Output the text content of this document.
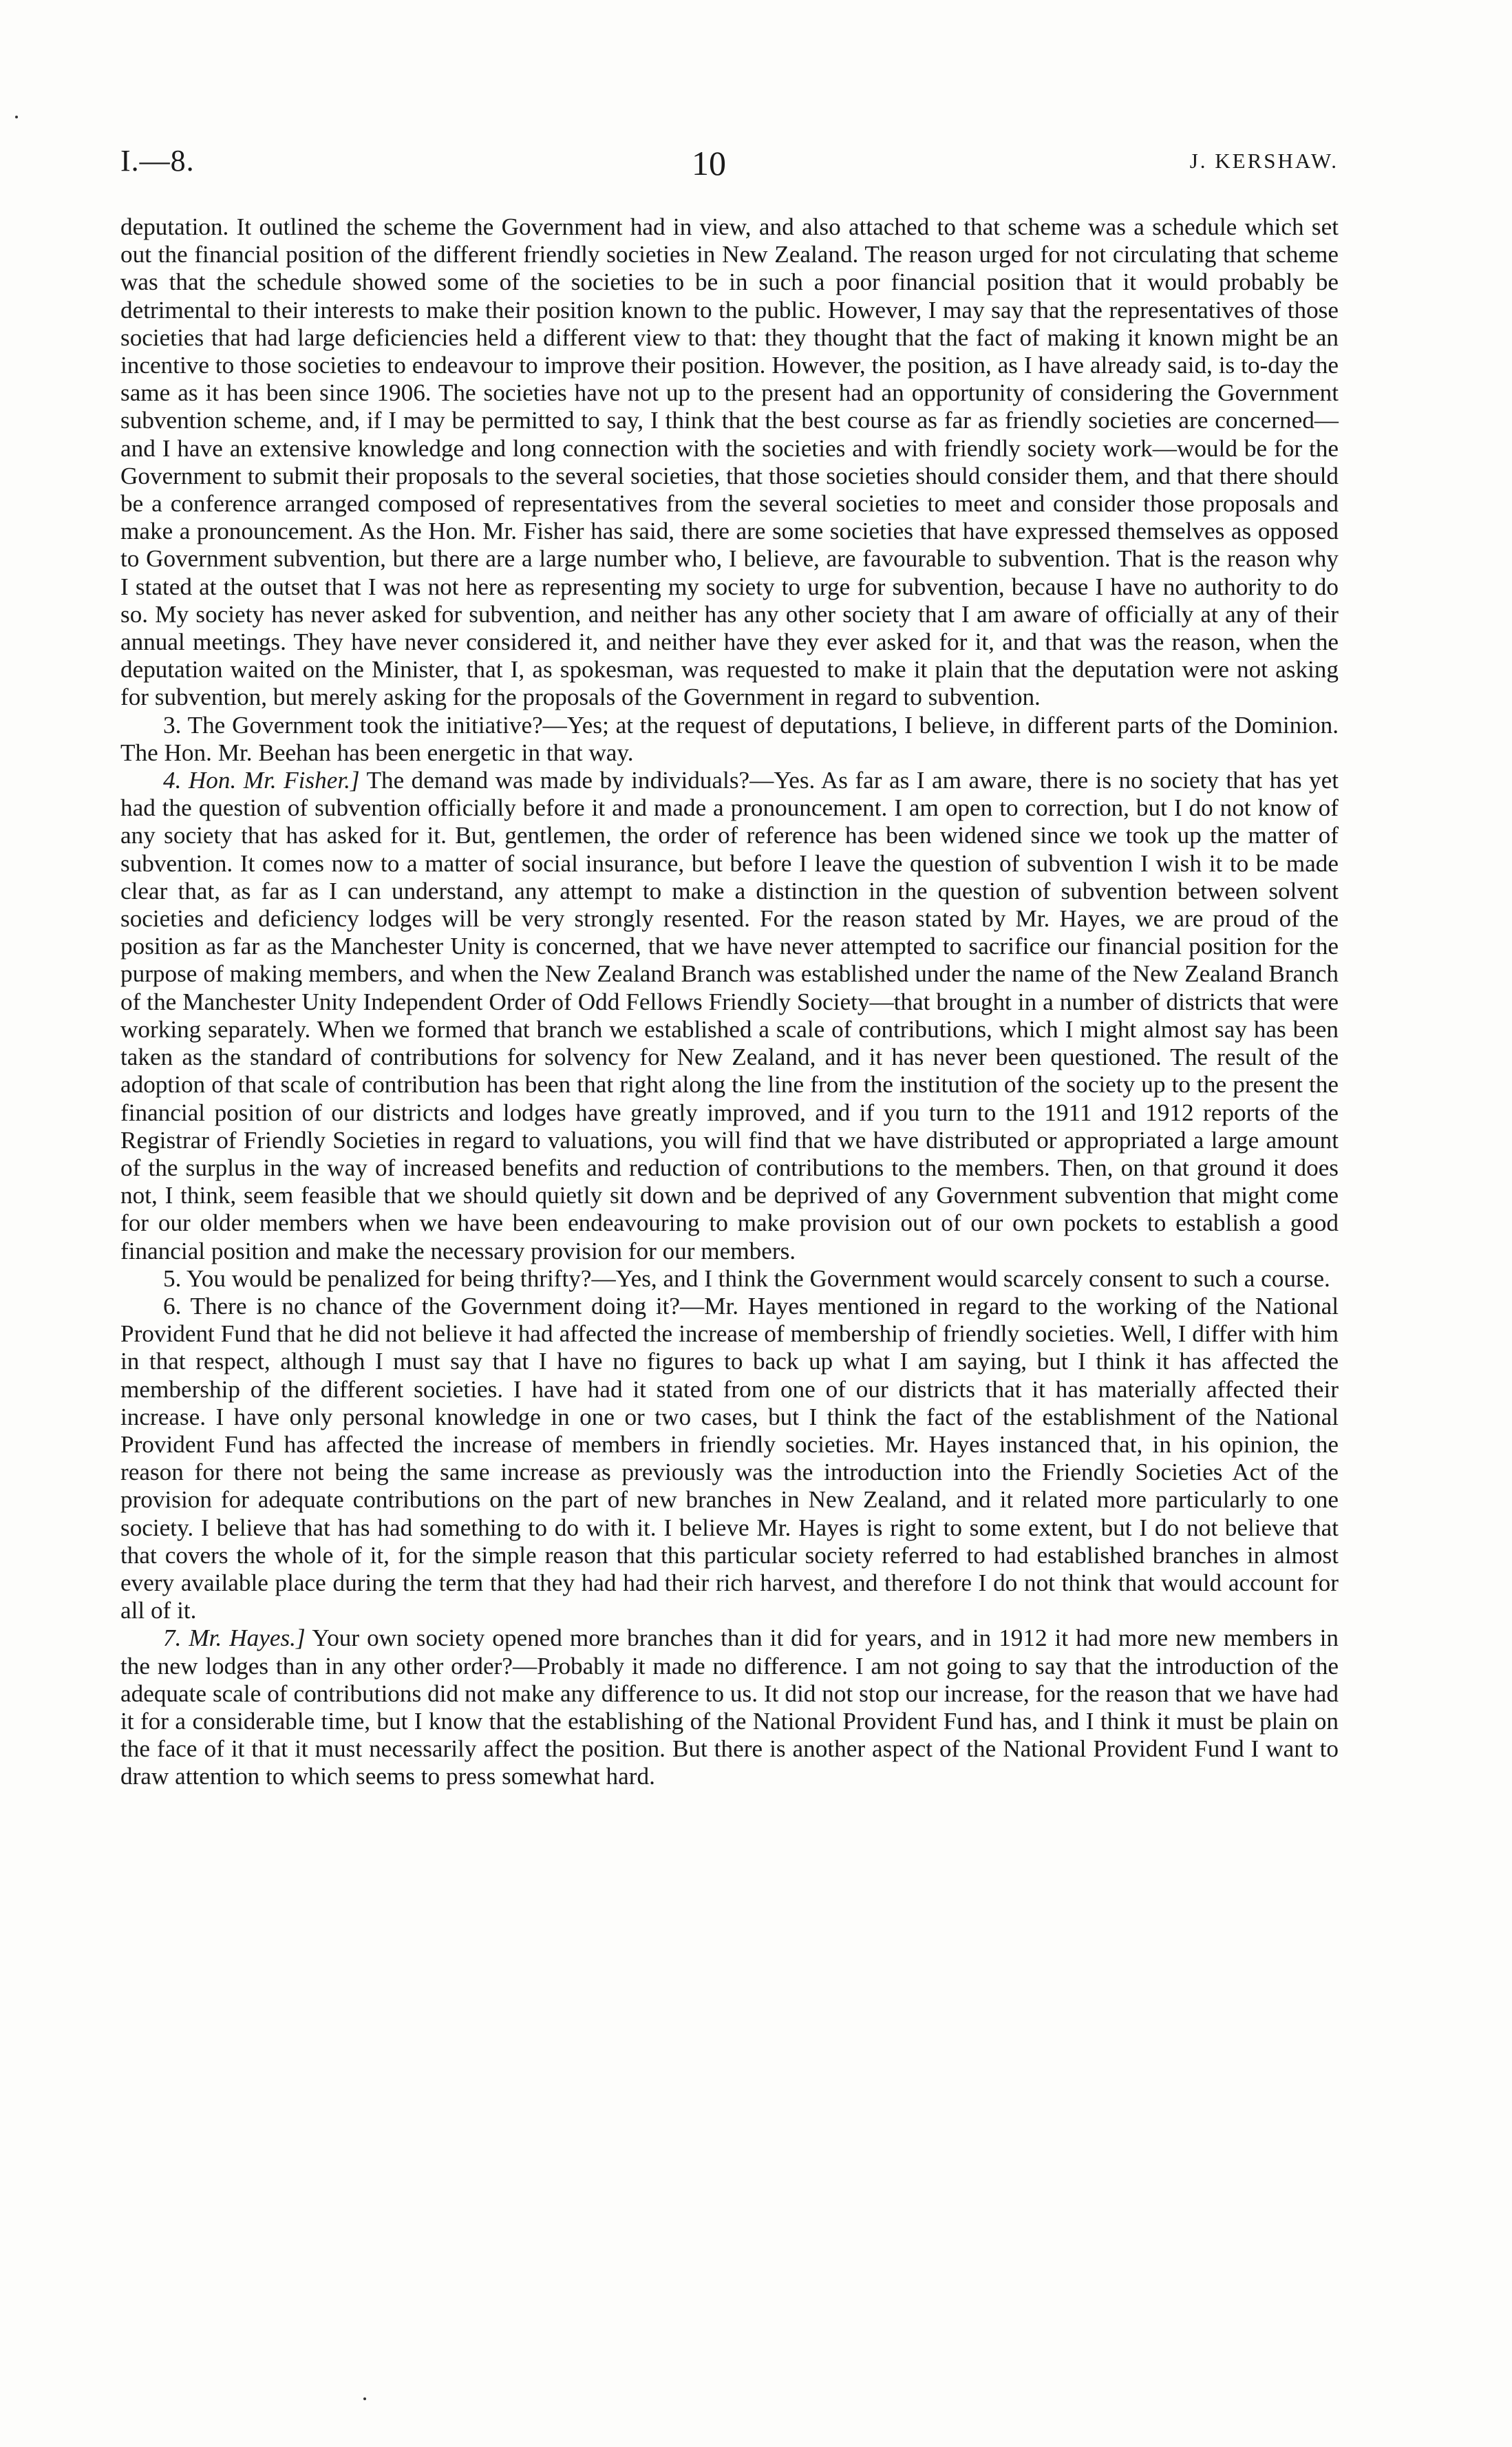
I.—8.	10	J. KERSHAW.

deputation. It outlined the scheme the Government had in view, and also attached to that scheme was a schedule which set out the financial position of the different friendly societies in New Zealand. The reason urged for not circulating that scheme was that the schedule showed some of the societies to be in such a poor financial position that it would probably be detrimental to their interests to make their position known to the public. However, I may say that the representatives of those societies that had large deficiencies held a different view to that: they thought that the fact of making it known might be an incentive to those societies to endeavour to improve their position. However, the position, as I have already said, is to-day the same as it has been since 1906. The societies have not up to the present had an opportunity of considering the Government subvention scheme, and, if I may be permitted to say, I think that the best course as far as friendly societies are concerned—and I have an extensive knowledge and long connection with the societies and with friendly society work—would be for the Government to submit their proposals to the several societies, that those societies should consider them, and that there should be a conference arranged composed of representatives from the several societies to meet and consider those proposals and make a pronouncement. As the Hon. Mr. Fisher has said, there are some societies that have expressed themselves as opposed to Government subvention, but there are a large number who, I believe, are favourable to subvention. That is the reason why I stated at the outset that I was not here as representing my society to urge for subvention, because I have no authority to do so. My society has never asked for subvention, and neither has any other society that I am aware of officially at any of their annual meetings. They have never considered it, and neither have they ever asked for it, and that was the reason, when the deputation waited on the Minister, that I, as spokesman, was requested to make it plain that the deputation were not asking for subvention, but merely asking for the proposals of the Government in regard to subvention.

3. The Government took the initiative?—Yes; at the request of deputations, I believe, in different parts of the Dominion. The Hon. Mr. Beehan has been energetic in that way.

4. Hon. Mr. Fisher.] The demand was made by individuals?—Yes. As far as I am aware, there is no society that has yet had the question of subvention officially before it and made a pronouncement. I am open to correction, but I do not know of any society that has asked for it. But, gentlemen, the order of reference has been widened since we took up the matter of subvention. It comes now to a matter of social insurance, but before I leave the question of subvention I wish it to be made clear that, as far as I can understand, any attempt to make a distinction in the question of subvention between solvent societies and deficiency lodges will be very strongly resented. For the reason stated by Mr. Hayes, we are proud of the position as far as the Manchester Unity is concerned, that we have never attempted to sacrifice our financial position for the purpose of making members, and when the New Zealand Branch was established under the name of the New Zealand Branch of the Manchester Unity Independent Order of Odd Fellows Friendly Society—that brought in a number of districts that were working separately. When we formed that branch we established a scale of contributions, which I might almost say has been taken as the standard of contributions for solvency for New Zealand, and it has never been questioned. The result of the adoption of that scale of contribution has been that right along the line from the institution of the society up to the present the financial position of our districts and lodges have greatly improved, and if you turn to the 1911 and 1912 reports of the Registrar of Friendly Societies in regard to valuations, you will find that we have distributed or appropriated a large amount of the surplus in the way of increased benefits and reduction of contributions to the members. Then, on that ground it does not, I think, seem feasible that we should quietly sit down and be deprived of any Government subvention that might come for our older members when we have been endeavouring to make provision out of our own pockets to establish a good financial position and make the necessary provision for our members.

5. You would be penalized for being thrifty?—Yes, and I think the Government would scarcely consent to such a course.

6. There is no chance of the Government doing it?—Mr. Hayes mentioned in regard to the working of the National Provident Fund that he did not believe it had affected the increase of membership of friendly societies. Well, I differ with him in that respect, although I must say that I have no figures to back up what I am saying, but I think it has affected the membership of the different societies. I have had it stated from one of our districts that it has materially affected their increase. I have only personal knowledge in one or two cases, but I think the fact of the establishment of the National Provident Fund has affected the increase of members in friendly societies. Mr. Hayes instanced that, in his opinion, the reason for there not being the same increase as previously was the introduction into the Friendly Societies Act of the provision for adequate contributions on the part of new branches in New Zealand, and it related more particularly to one society. I believe that has had something to do with it. I believe Mr. Hayes is right to some extent, but I do not believe that that covers the whole of it, for the simple reason that this particular society referred to had established branches in almost every available place during the term that they had had their rich harvest, and therefore I do not think that would account for all of it.

7. Mr. Hayes.] Your own society opened more branches than it did for years, and in 1912 it had more new members in the new lodges than in any other order?—Probably it made no difference. I am not going to say that the introduction of the adequate scale of contributions did not make any difference to us. It did not stop our increase, for the reason that we have had it for a considerable time, but I know that the establishing of the National Provident Fund has, and I think it must be plain on the face of it that it must necessarily affect the position. But there is another aspect of the National Provident Fund I want to draw attention to which seems to press somewhat hard.
